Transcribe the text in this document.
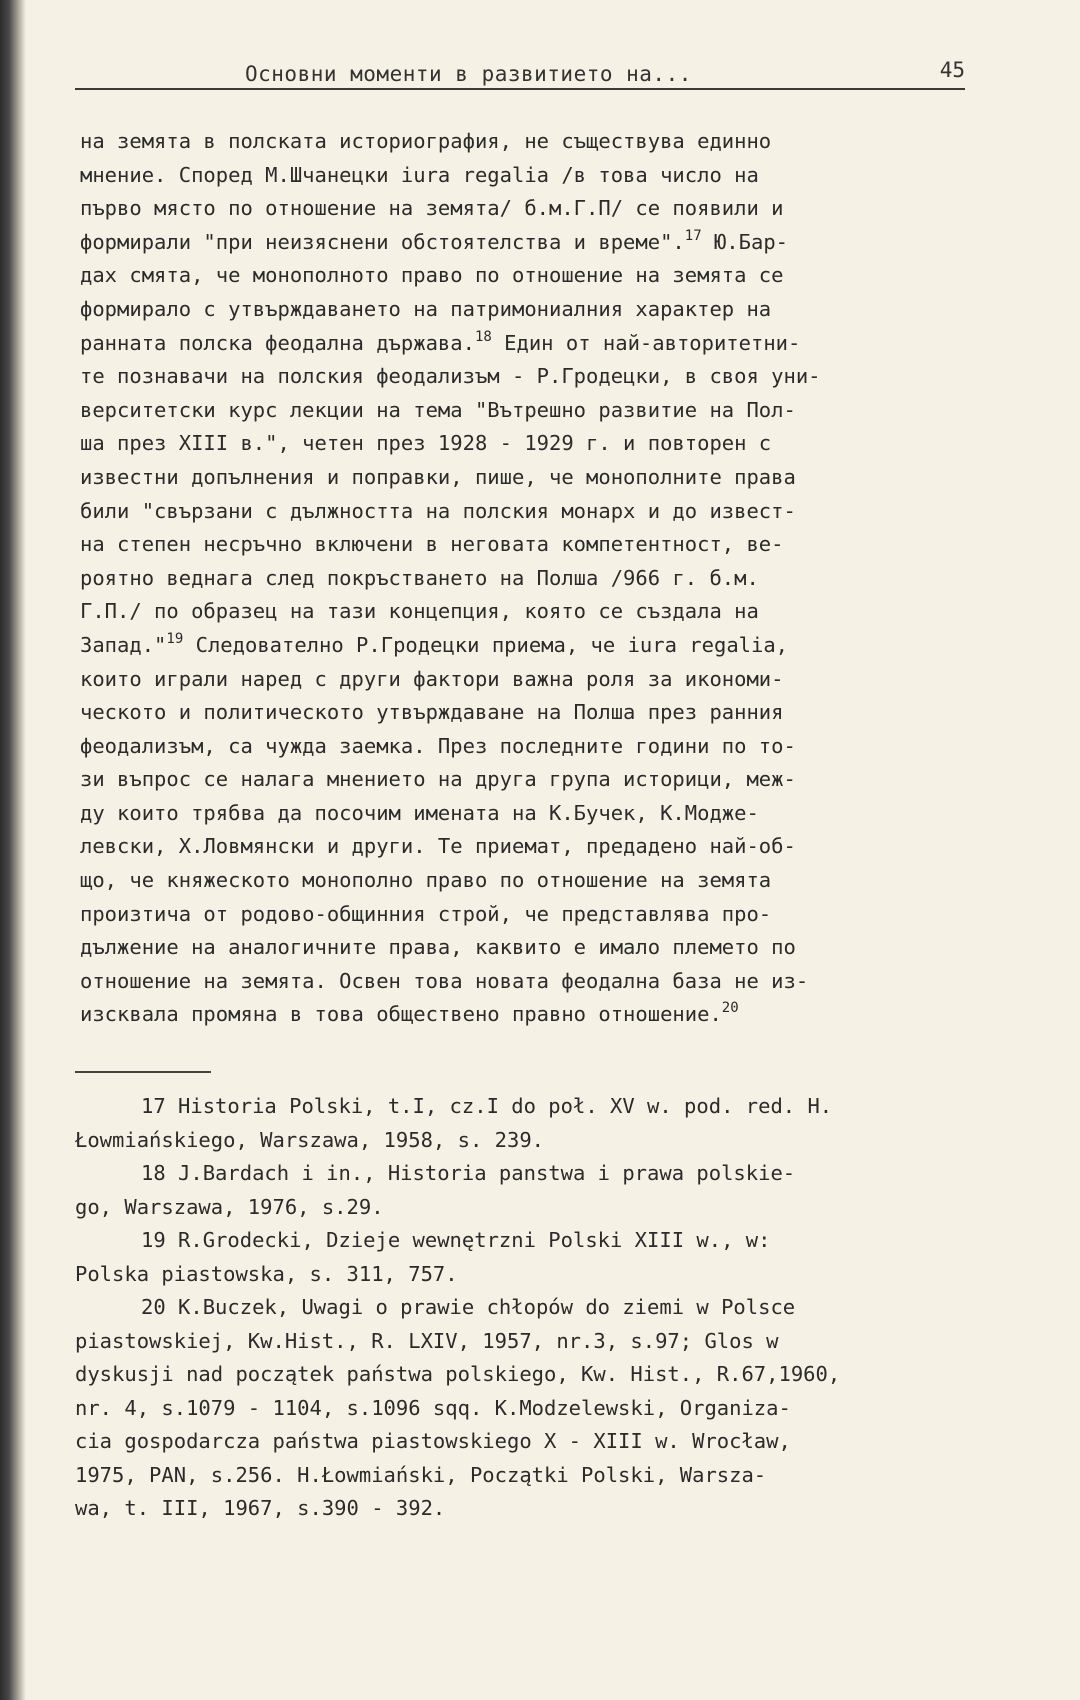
Основни моменти в развитието на...	45
на земята в полската историография, не съществува единно
мнение. Според М.Шчанецки iura regalia /в това число на
първо място по отношение на земята/ б.м.Г.П/ се появили и
формирали "при неизяснени обстоятелства и време".$^{17}$ Ю.Бар-
дах смята, че монополното право по отношение на земята се
формирало с утвърждаването на патримониалния характер на
ранната полска феодална държава.$^{18}$ Един от най-авторитетни-
те познавачи на полския феодализъм - Р.Гродецки, в своя уни-
верситетски курс лекции на тема "Вътрешно развитие на Пол-
ша през XIII в.", четен през 1928 - 1929 г. и повторен с
известни допълнения и поправки, пише, че монополните права
били "свързани с дължността на полския монарх и до извест-
на степен несръчно включени в неговата компетентност, ве-
роятно веднага след покръстването на Полша /966 г. б.м.
Г.П./ по образец на тази концепция, която се създала на
Запад."$^{19}$ Следователно Р.Гродецки приема, че iura regalia,
които играли наред с други фактори важна роля за икономи-
ческото и политическото утвърждаване на Полша през ранния
феодализъм, са чужда заемка. През последните години по то-
зи въпрос се налага мнението на друга група историци, меж-
ду които трябва да посочим имената на К.Бучек, К.Модже-
левски, Х.Ловмянски и други. Те приемат, предадено най-об-
що, че княжеското монополно право по отношение на земята
произтича от родово-общинния строй, че представлява про-
дължение на аналогичните права, каквито е имало племето по
отношение на земята. Освен това новата феодална база не из-
изсквала промяна в това обществено правно отношение.$^{20}$
17 Historia Polski, t.I, cz.I do poł. XV w. pod. red. H.
Łowmiańskiego, Warszawa, 1958, s. 239.
18 J.Bardach i in., Historia panstwa i prawa polskie-
go, Warszawa, 1976, s.29.
19 R.Grodecki, Dzieje wewnętrzni Polski XIII w., w:
Polska piastowska, s. 311, 757.
20 K.Buczek, Uwagi o prawie chłopów do ziemi w Polsce
piastowskiej, Kw.Hist., R. LXIV, 1957, nr.3, s.97; Glos w
dyskusji nad początek państwa polskiego, Kw. Hist., R.67,1960,
nr. 4, s.1079 - 1104, s.1096 sqq. K.Modzelewski, Organiza-
cia gospodarcza państwa piastowskiego X - XIII w. Wrocław,
1975, PAN, s.256. H.Łowmiański, Początki Polski, Warsza-
wa, t. III, 1967, s.390 - 392.
